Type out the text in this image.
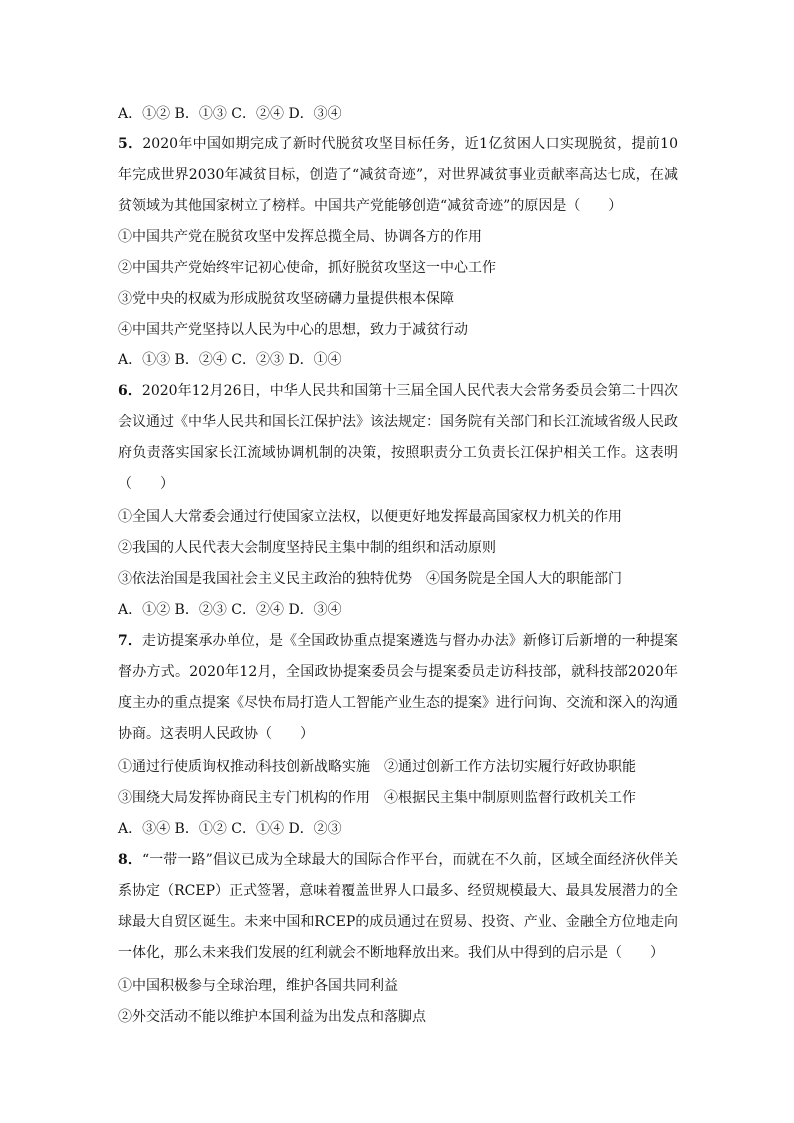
A．①② B．①③ C．②④ D．③④
5．2020年中国如期完成了新时代脱贫攻坚目标任务，近1亿贫困人口实现脱贫，提前10年完成世界2030年减贫目标，创造了“减贫奇迹”，对世界减贫事业贡献率高达七成，在减贫领域为其他国家树立了榜样。中国共产党能够创造“减贫奇迹”的原因是（　　）
①中国共产党在脱贫攻坚中发挥总揽全局、协调各方的作用
②中国共产党始终牢记初心使命，抓好脱贫攻坚这一中心工作
③党中央的权威为形成脱贫攻坚磅礴力量提供根本保障
④中国共产党坚持以人民为中心的思想，致力于减贫行动
A．①③ B．②④ C．②③ D．①④
6．2020年12月26日，中华人民共和国第十三届全国人民代表大会常务委员会第二十四次会议通过《中华人民共和国长江保护法》该法规定：国务院有关部门和长江流域省级人民政府负责落实国家长江流域协调机制的决策，按照职责分工负责长江保护相关工作。这表明（　　）
①全国人大常委会通过行使国家立法权，以便更好地发挥最高国家权力机关的作用
②我国的人民代表大会制度坚持民主集中制的组织和活动原则
③依法治国是我国社会主义民主政治的独特优势　④国务院是全国人大的职能部门
A．①② B．②③ C．②④ D．③④
7．走访提案承办单位，是《全国政协重点提案遴选与督办办法》新修订后新增的一种提案督办方式。2020年12月，全国政协提案委员会与提案委员走访科技部，就科技部2020年度主办的重点提案《尽快布局打造人工智能产业生态的提案》进行问询、交流和深入的沟通协商。这表明人民政协（　　）
①通过行使质询权推动科技创新战略实施　②通过创新工作方法切实履行好政协职能
③围绕大局发挥协商民主专门机构的作用　④根据民主集中制原则监督行政机关工作
A．③④ B．①② C．①④ D．②③
8．“一带一路”倡议已成为全球最大的国际合作平台，而就在不久前，区域全面经济伙伴关系协定（RCEP）正式签署，意味着覆盖世界人口最多、经贸规模最大、最具发展潜力的全球最大自贸区诞生。未来中国和RCEP的成员通过在贸易、投资、产业、金融全方位地走向一体化，那么未来我们发展的红利就会不断地释放出来。我们从中得到的启示是（　　）
①中国积极参与全球治理，维护各国共同利益
②外交活动不能以维护本国利益为出发点和落脚点
